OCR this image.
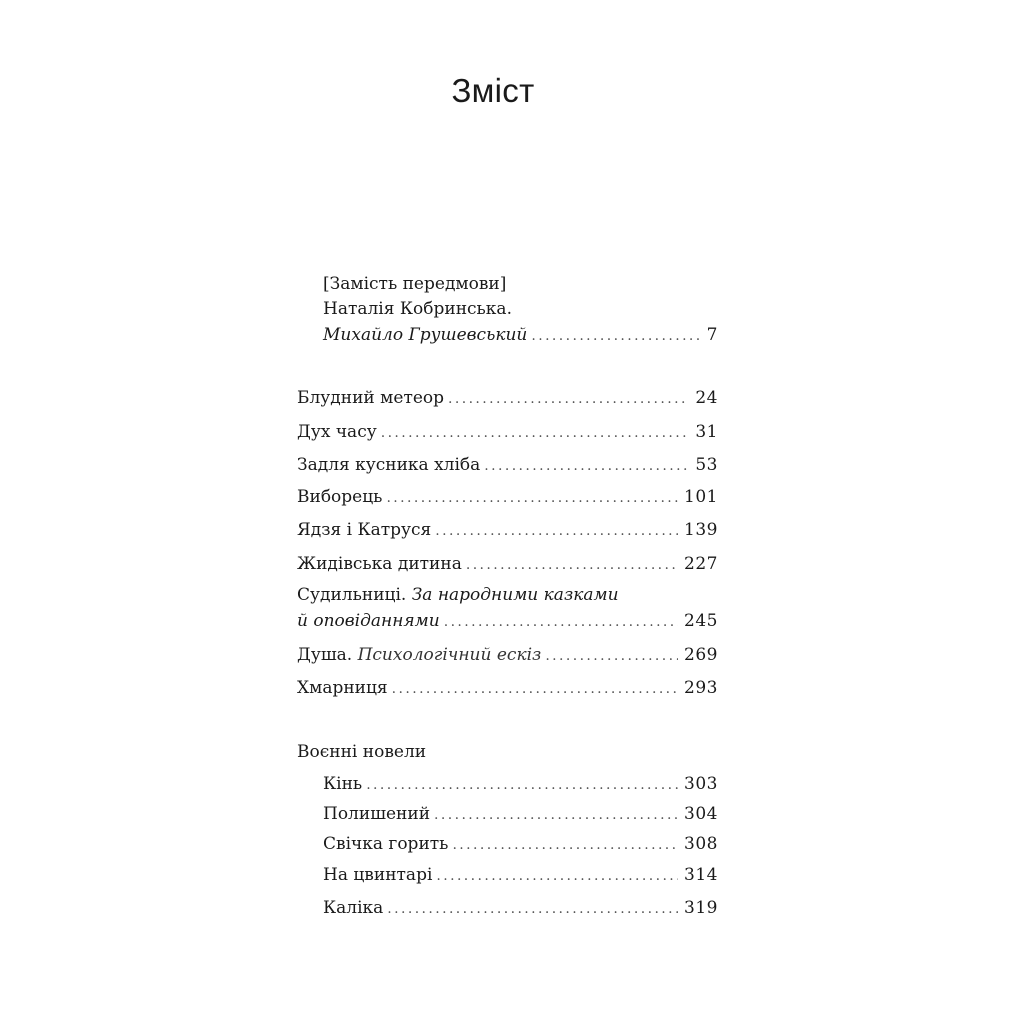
Зміст
[Замість передмови]
Наталія Кобринська.
Михайло Грушевський .....	7
Блудний метеор .....	24
Дух часу .....	31
Задля кусника хліба .....	53
Виборець .....	101
Ядзя і Катруся .....	139
Жидівська дитина .....	227
Судильниці. За народними казками
й оповіданнями .....	245
Душа. Психологічний ескіз .....	269
Хмарниця .....	293
Воєнні новели
Кінь .....	303
Полишений .....	304
Свічка горить .....	308
На цвинтарі .....	314
Каліка .....	319
